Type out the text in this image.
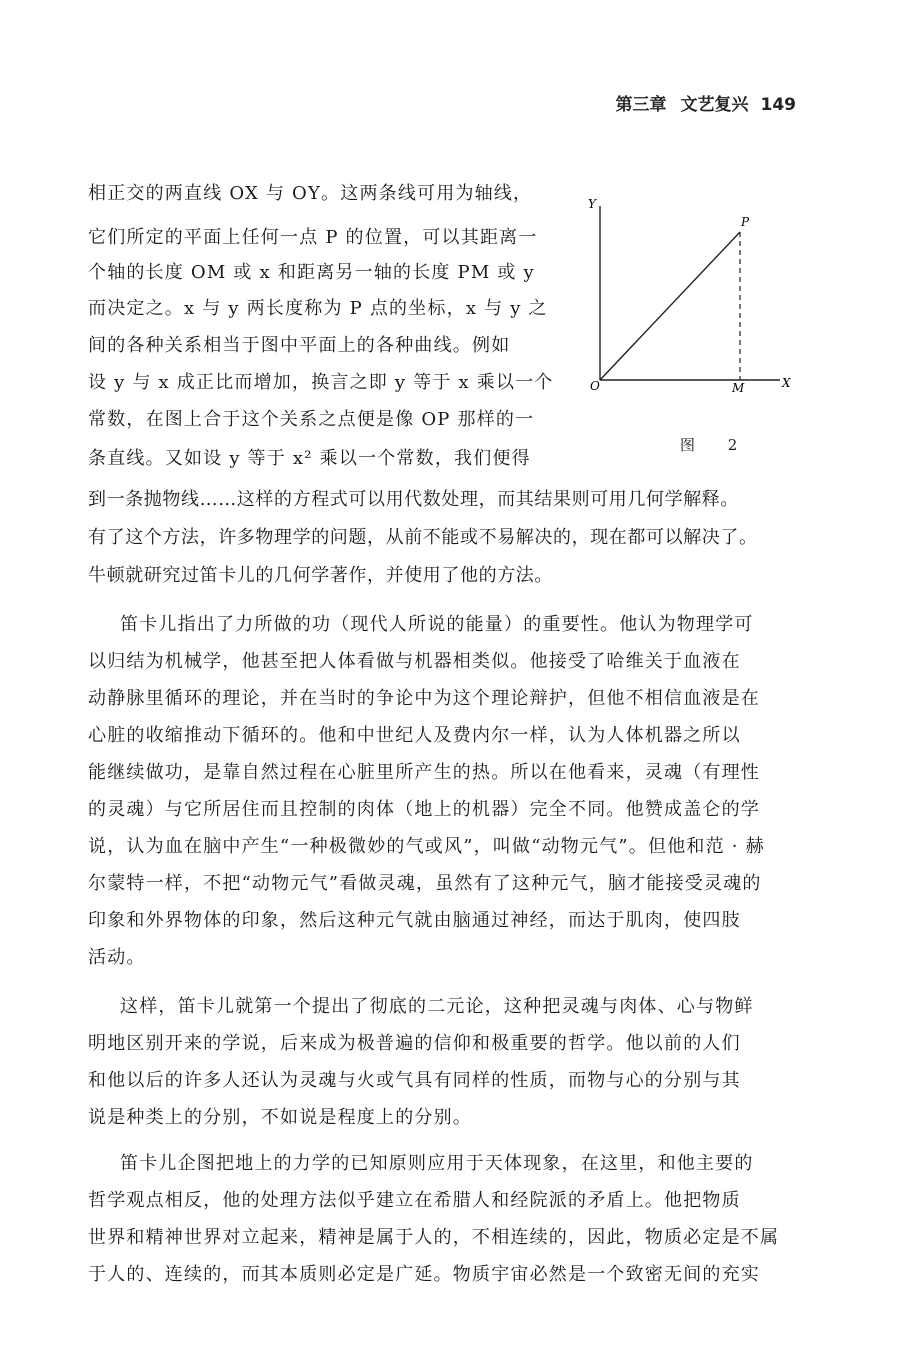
第三章 文艺复兴 149
相正交的两直线 OX 与 OY。这两条线可用为轴线，
它们所定的平面上任何一点 P 的位置，可以其距离一
个轴的长度 OM 或 x 和距离另一轴的长度 PM 或 y
而决定之。x 与 y 两长度称为 P 点的坐标，x 与 y 之
间的各种关系相当于图中平面上的各种曲线。例如
设 y 与 x 成正比而增加，换言之即 y 等于 x 乘以一个
常数，在图上合于这个关系之点便是像 OP 那样的一
条直线。又如设 y 等于 x² 乘以一个常数，我们便得
到一条抛物线……这样的方程式可以用代数处理，而其结果则可用几何学解释。
有了这个方法，许多物理学的问题，从前不能或不易解决的，现在都可以解决了。
牛顿就研究过笛卡儿的几何学著作，并使用了他的方法。
Y
X
O
P
M
图 2
笛卡儿指出了力所做的功（现代人所说的能量）的重要性。他认为物理学可
以归结为机械学，他甚至把人体看做与机器相类似。他接受了哈维关于血液在
动静脉里循环的理论，并在当时的争论中为这个理论辩护，但他不相信血液是在
心脏的收缩推动下循环的。他和中世纪人及费内尔一样，认为人体机器之所以
能继续做功，是靠自然过程在心脏里所产生的热。所以在他看来，灵魂（有理性
的灵魂）与它所居住而且控制的肉体（地上的机器）完全不同。他赞成盖仑的学
说，认为血在脑中产生“一种极微妙的气或风”，叫做“动物元气”。但他和范 · 赫
尔蒙特一样，不把“动物元气”看做灵魂，虽然有了这种元气，脑才能接受灵魂的
印象和外界物体的印象，然后这种元气就由脑通过神经，而达于肌肉，使四肢
活动。
这样，笛卡儿就第一个提出了彻底的二元论，这种把灵魂与肉体、心与物鲜
明地区别开来的学说，后来成为极普遍的信仰和极重要的哲学。他以前的人们
和他以后的许多人还认为灵魂与火或气具有同样的性质，而物与心的分别与其
说是种类上的分别，不如说是程度上的分别。
笛卡儿企图把地上的力学的已知原则应用于天体现象，在这里，和他主要的
哲学观点相反，他的处理方法似乎建立在希腊人和经院派的矛盾上。他把物质
世界和精神世界对立起来，精神是属于人的，不相连续的，因此，物质必定是不属
于人的、连续的，而其本质则必定是广延。物质宇宙必然是一个致密无间的充实
